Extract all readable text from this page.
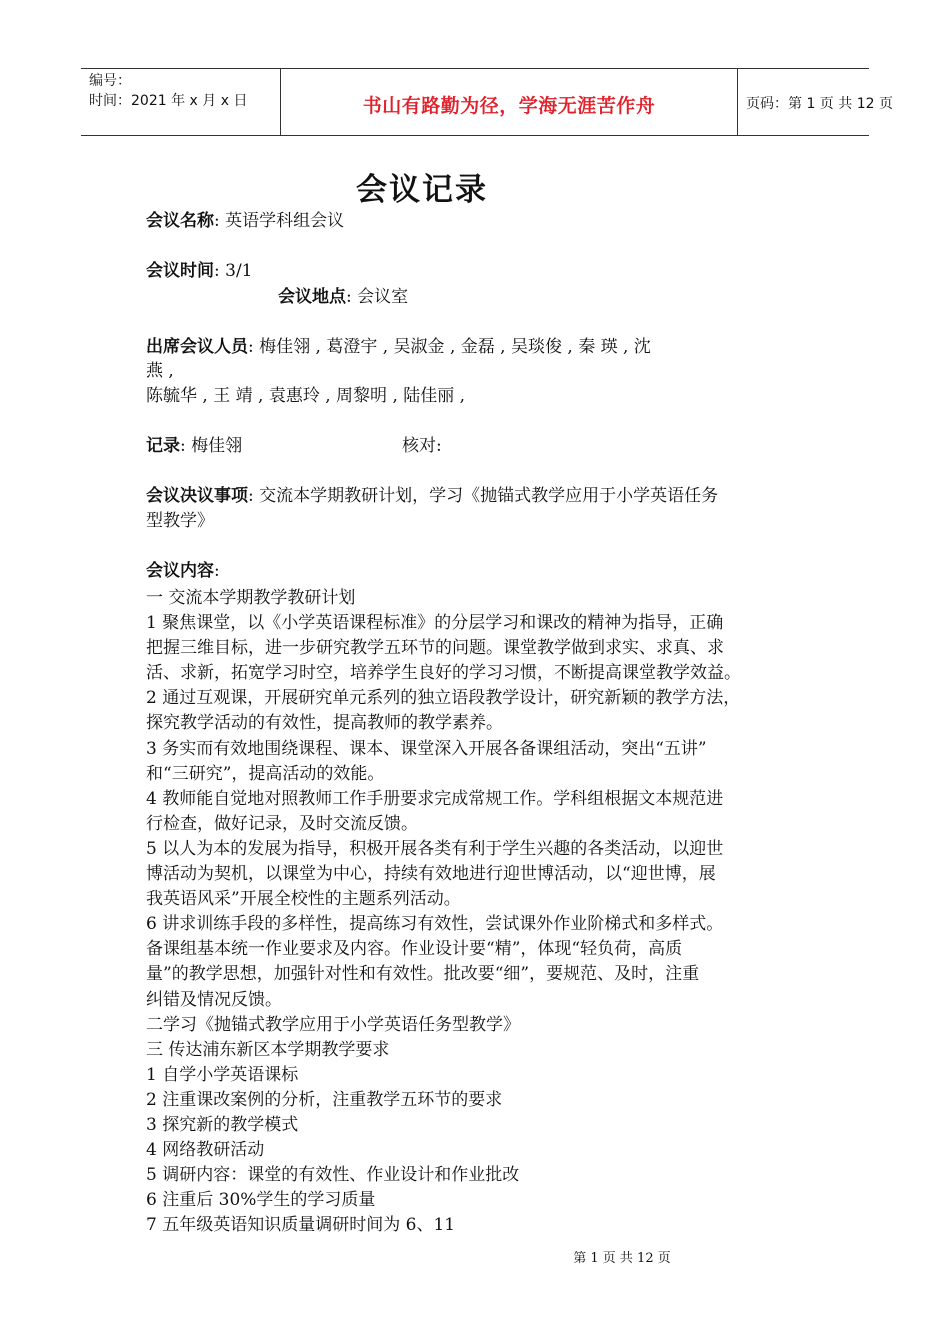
编号：
时间：2021 年 x 月 x 日	书山有路勤为径，学海无涯苦作舟	页码：第 1 页 共 12 页
会议记录
会议名称: 英语学科组会议
会议时间: 3/1
会议地点: 会议室
出席会议人员: 梅佳翎 , 葛澄宇 , 吴淑金 , 金磊 , 吴琰俊 , 秦 瑛 , 沈
燕 ,
陈毓华 , 王 靖 , 袁惠玲 , 周黎明 , 陆佳丽 ,
记录: 梅佳翎	核对:
会议决议事项: 交流本学期教研计划，学习《抛锚式教学应用于小学英语任务
型教学》
会议内容:
一 交流本学期教学教研计划
1 聚焦课堂，以《小学英语课程标准》的分层学习和课改的精神为指导，正确
把握三维目标，进一步研究教学五环节的问题。课堂教学做到求实、求真、求
活、求新，拓宽学习时空，培养学生良好的学习习惯，不断提高课堂教学效益。
2 通过互观课，开展研究单元系列的独立语段教学设计，研究新颖的教学方法，
探究教学活动的有效性，提高教师的教学素养。
3 务实而有效地围绕课程、课本、课堂深入开展各备课组活动，突出“五讲”
和“三研究”，提高活动的效能。
4 教师能自觉地对照教师工作手册要求完成常规工作。学科组根据文本规范进
行检查，做好记录，及时交流反馈。
5 以人为本的发展为指导，积极开展各类有利于学生兴趣的各类活动，以迎世
博活动为契机，以课堂为中心，持续有效地进行迎世博活动，以“迎世博，展
我英语风采”开展全校性的主题系列活动。
6 讲求训练手段的多样性，提高练习有效性，尝试课外作业阶梯式和多样式。
备课组基本统一作业要求及内容。作业设计要“精”，体现“轻负荷，高质
量”的教学思想，加强针对性和有效性。批改要“细”，要规范、及时，注重
纠错及情况反馈。
二学习《抛锚式教学应用于小学英语任务型教学》
三 传达浦东新区本学期教学要求
1 自学小学英语课标
2 注重课改案例的分析，注重教学五环节的要求
3 探究新的教学模式
4 网络教研活动
5 调研内容：课堂的有效性、作业设计和作业批改
6 注重后 30%学生的学习质量
7 五年级英语知识质量调研时间为 6、11
第 1 页 共 12 页
